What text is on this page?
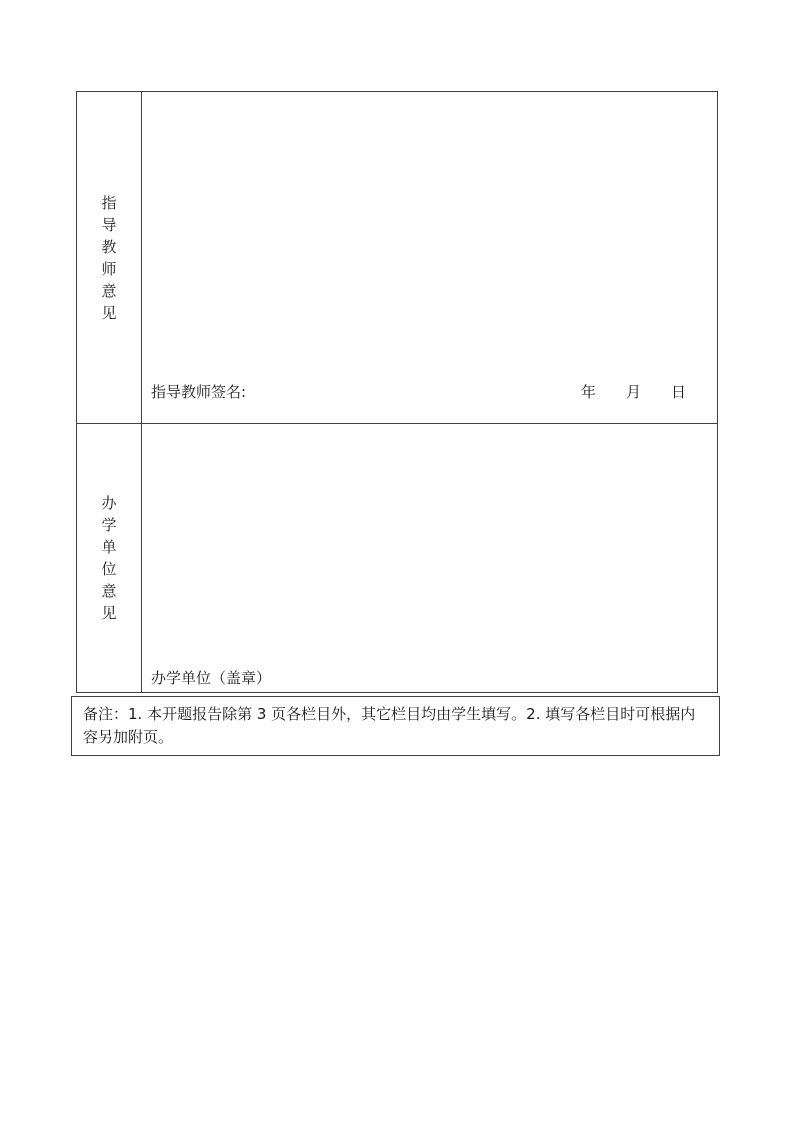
指导教师意见
指导教师签名:	年　　月　　日
办学单位意见
办学单位（盖章）
备注：1. 本开题报告除第 3 页各栏目外，其它栏目均由学生填写。2. 填写各栏目时可根据内容另加附页。
